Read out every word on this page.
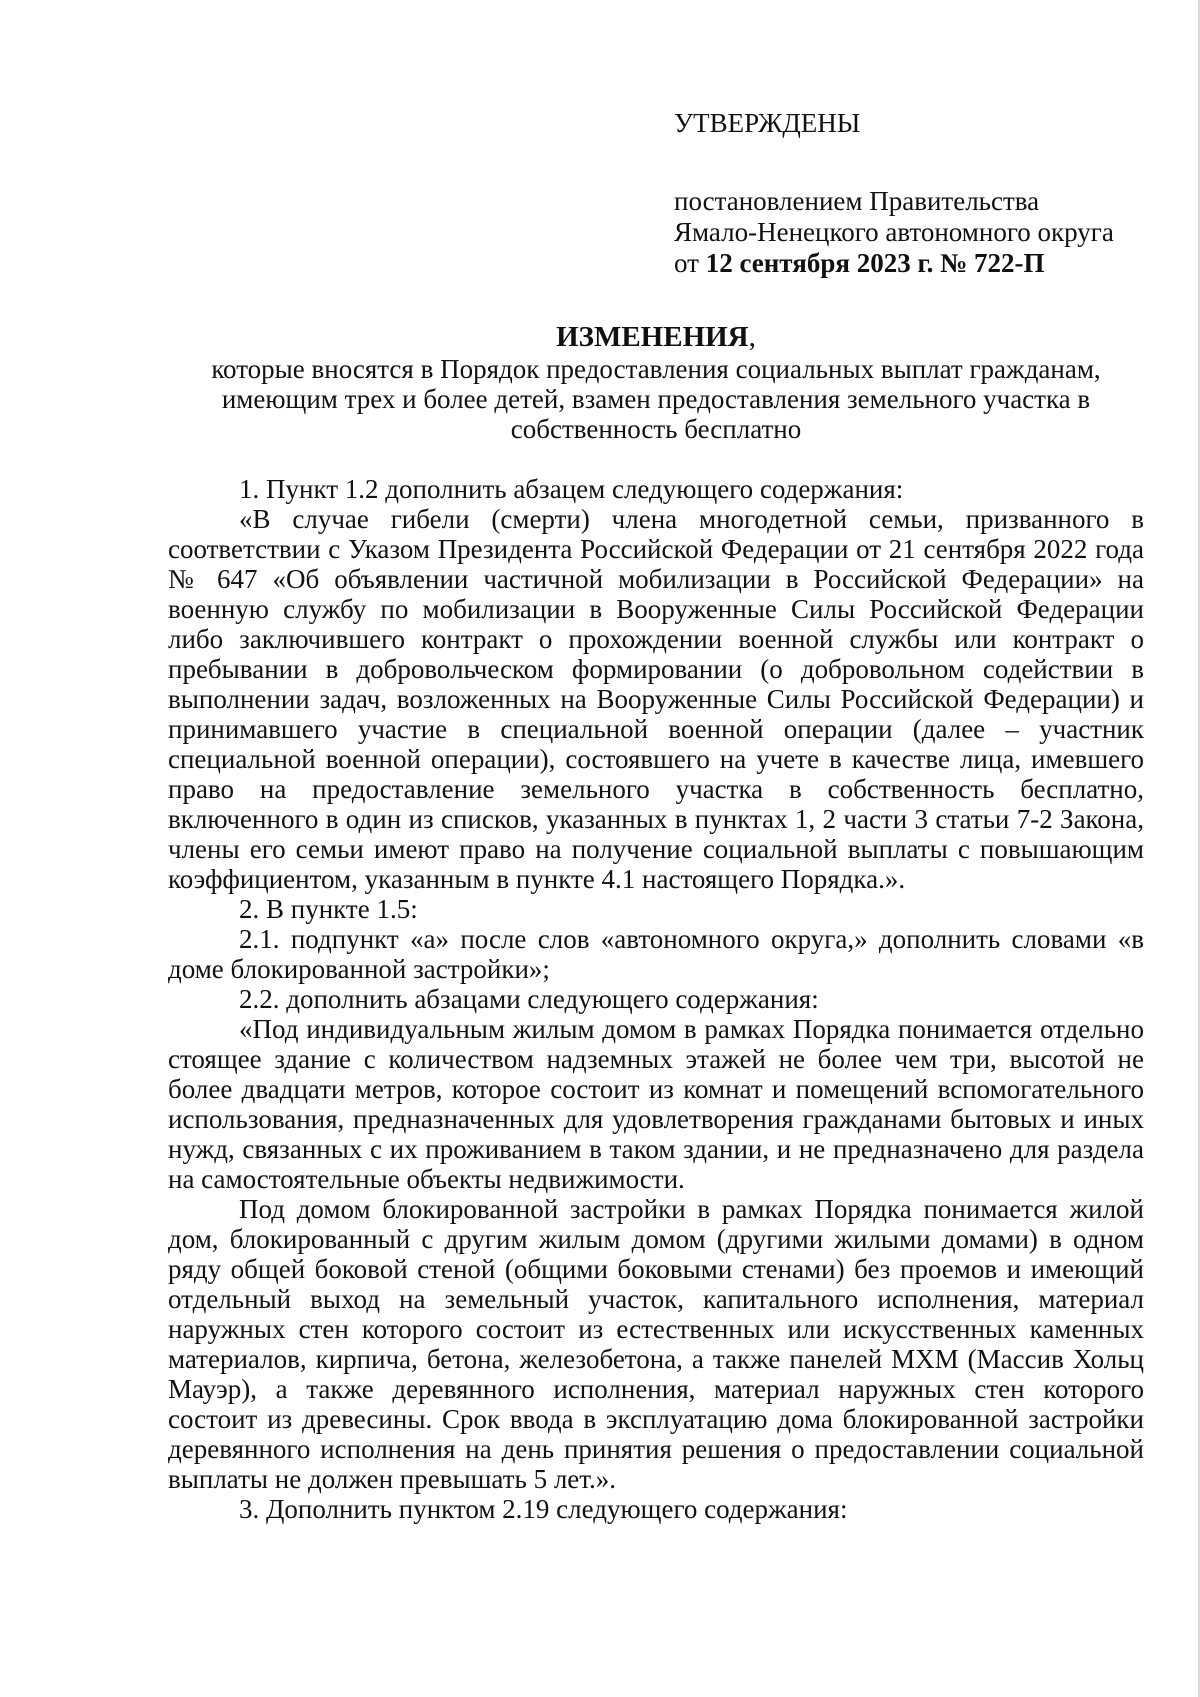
УТВЕРЖДЕНЫ

постановлением Правительства

Ямало-Ненецкого автономного округа

от 12 сентября 2023 г. № 722-П

ИЗМЕНЕНИЯ,

которые вносятся в Порядок предоставления социальных выплат гражданам, имеющим трех и более детей, взамен предоставления земельного участка в собственность бесплатно

1. Пункт 1.2 дополнить абзацем следующего содержания:

«В случае гибели (смерти) члена многодетной семьи, призванного в соответствии с Указом Президента Российской Федерации от 21 сентября 2022 года № 647 «Об объявлении частичной мобилизации в Российской Федерации» на военную службу по мобилизации в Вооруженные Силы Российской Федерации либо заключившего контракт о прохождении военной службы или контракт о пребывании в добровольческом формировании (о добровольном содействии в выполнении задач, возложенных на Вооруженные Силы Российской Федерации) и принимавшего участие в специальной военной операции (далее – участник специальной военной операции), состоявшего на учете в качестве лица, имевшего право на предоставление земельного участка в собственность бесплатно, включенного в один из списков, указанных в пунктах 1, 2 части 3 статьи 7-2 Закона, члены его семьи имеют право на получение социальной выплаты с повышающим коэффициентом, указанным в пункте 4.1 настоящего Порядка.».

2. В пункте 1.5:

2.1. подпункт «а» после слов «автономного округа,» дополнить словами «в доме блокированной застройки»;

2.2. дополнить абзацами следующего содержания:

«Под индивидуальным жилым домом в рамках Порядка понимается отдельно стоящее здание с количеством надземных этажей не более чем три, высотой не более двадцати метров, которое состоит из комнат и помещений вспомогательного использования, предназначенных для удовлетворения гражданами бытовых и иных нужд, связанных с их проживанием в таком здании, и не предназначено для раздела на самостоятельные объекты недвижимости.

Под домом блокированной застройки в рамках Порядка понимается жилой дом, блокированный с другим жилым домом (другими жилыми домами) в одном ряду общей боковой стеной (общими боковыми стенами) без проемов и имеющий отдельный выход на земельный участок, капитального исполнения, материал наружных стен которого состоит из естественных или искусственных каменных материалов, кирпича, бетона, железобетона, а также панелей МХМ (Массив Хольц Мауэр), а также деревянного исполнения, материал наружных стен которого состоит из древесины. Срок ввода в эксплуатацию дома блокированной застройки деревянного исполнения на день принятия решения о предоставлении социальной выплаты не должен превышать 5 лет.».

3. Дополнить пунктом 2.19 следующего содержания:
